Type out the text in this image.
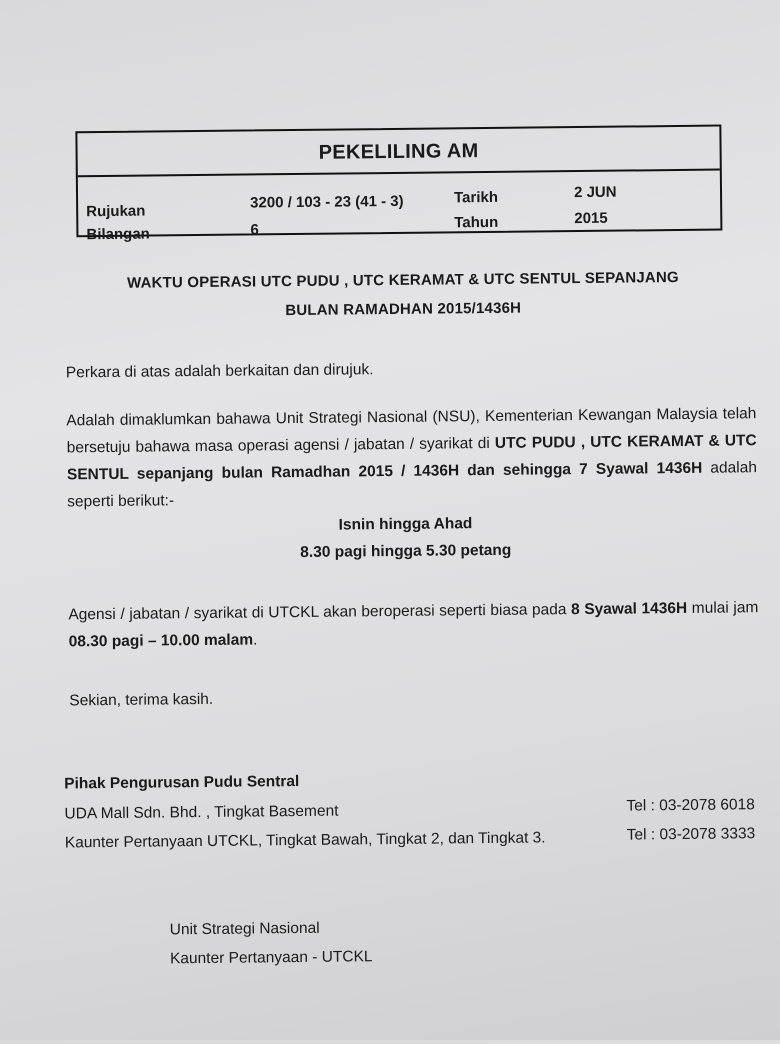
PEKELILING AM
Rujukan	3200 / 103 - 23 (41 - 3)
Bilangan	6
Tarikh	2 JUN
Tahun	2015
WAKTU OPERASI UTC PUDU , UTC KERAMAT & UTC SENTUL SEPANJANG
BULAN RAMADHAN 2015/1436H
Perkara di atas adalah berkaitan dan dirujuk.
Adalah dimaklumkan bahawa Unit Strategi Nasional (NSU), Kementerian Kewangan Malaysia telah bersetuju bahawa masa operasi agensi / jabatan / syarikat di UTC PUDU , UTC KERAMAT & UTC SENTUL sepanjang bulan Ramadhan 2015 / 1436H dan sehingga 7 Syawal 1436H adalah seperti berikut:-
Isnin hingga Ahad
8.30 pagi hingga 5.30 petang
Agensi / jabatan / syarikat di UTCKL akan beroperasi seperti biasa pada 8 Syawal 1436H mulai jam 08.30 pagi – 10.00 malam.
Sekian, terima kasih.
Pihak Pengurusan Pudu Sentral
UDA Mall Sdn. Bhd. , Tingkat Basement	Tel : 03-2078 6018
Kaunter Pertanyaan UTCKL, Tingkat Bawah, Tingkat 2, dan Tingkat 3.	Tel : 03-2078 3333
Unit Strategi Nasional
Kaunter Pertanyaan - UTCKL
